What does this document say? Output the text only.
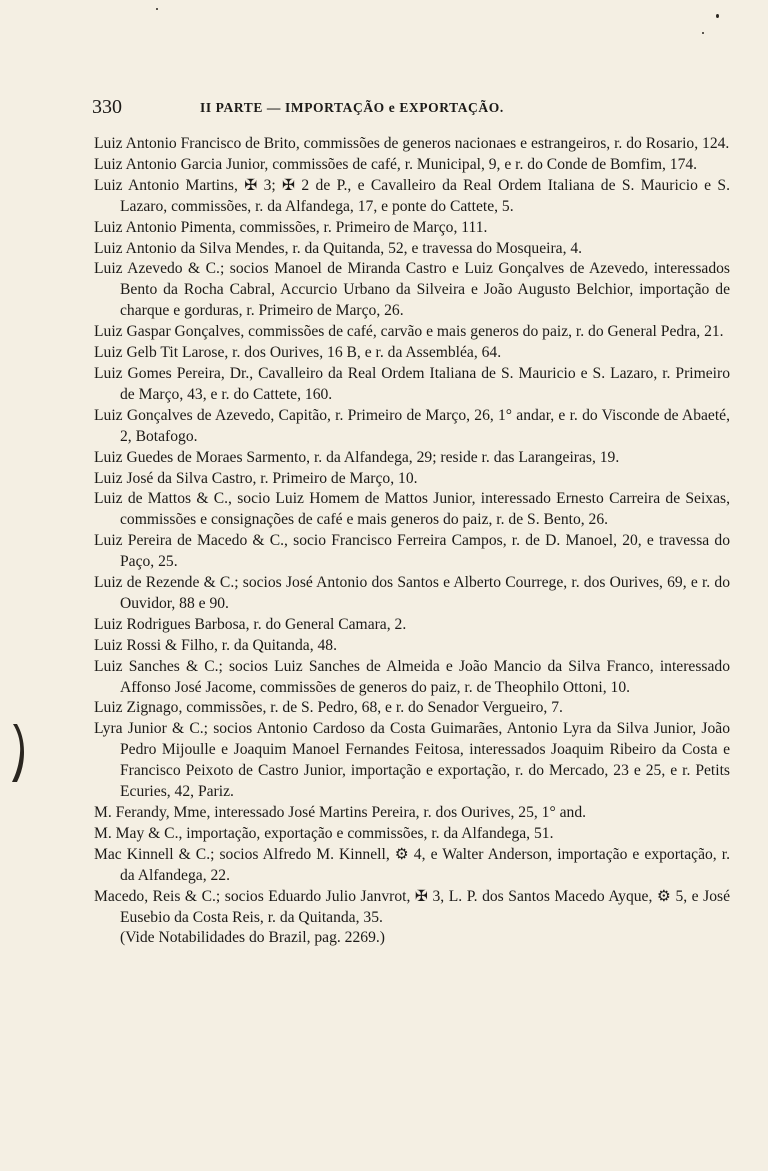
330	II PARTE — IMPORTAÇÃO e EXPORTAÇÃO.

Luiz Antonio Francisco de Brito, commissões de generos nacionaes e estrangeiros, r. do Rosario, 124.

Luiz Antonio Garcia Junior, commissões de café, r. Municipal, 9, e r. do Conde de Bomfim, 174.

Luiz Antonio Martins, ✠ 3; ✠ 2 de P., e Cavalleiro da Real Ordem Italiana de S. Mauricio e S. Lazaro, commissões, r. da Alfandega, 17, e ponte do Cattete, 5.

Luiz Antonio Pimenta, commissões, r. Primeiro de Março, 111.

Luiz Antonio da Silva Mendes, r. da Quitanda, 52, e travessa do Mosqueira, 4.

Luiz Azevedo & C.; socios Manoel de Miranda Castro e Luiz Gonçalves de Azevedo, interessados Bento da Rocha Cabral, Accurcio Urbano da Silveira e João Augusto Belchior, importação de charque e gorduras, r. Primeiro de Março, 26.

Luiz Gaspar Gonçalves, commissões de café, carvão e mais generos do paiz, r. do General Pedra, 21.

Luiz Gelb Tit Larose, r. dos Ourives, 16 B, e r. da Assembléa, 64.

Luiz Gomes Pereira, Dr., Cavalleiro da Real Ordem Italiana de S. Mauricio e S. Lazaro, r. Primeiro de Março, 43, e r. do Cattete, 160.

Luiz Gonçalves de Azevedo, Capitão, r. Primeiro de Março, 26, 1° andar, e r. do Visconde de Abaeté, 2, Botafogo.

Luiz Guedes de Moraes Sarmento, r. da Alfandega, 29; reside r. das Larangeiras, 19.

Luiz José da Silva Castro, r. Primeiro de Março, 10.

Luiz de Mattos & C., socio Luiz Homem de Mattos Junior, interessado Ernesto Carreira de Seixas, commissões e consignações de café e mais generos do paiz, r. de S. Bento, 26.

Luiz Pereira de Macedo & C., socio Francisco Ferreira Campos, r. de D. Manoel, 20, e travessa do Paço, 25.

Luiz de Rezende & C.; socios José Antonio dos Santos e Alberto Courrege, r. dos Ourives, 69, e r. do Ouvidor, 88 e 90.

Luiz Rodrigues Barbosa, r. do General Camara, 2.

Luiz Rossi & Filho, r. da Quitanda, 48.

Luiz Sanches & C.; socios Luiz Sanches de Almeida e João Mancio da Silva Franco, interessado Affonso José Jacome, commissões de generos do paiz, r. de Theophilo Ottoni, 10.

Luiz Zignago, commissões, r. de S. Pedro, 68, e r. do Senador Vergueiro, 7.

Lyra Junior & C.; socios Antonio Cardoso da Costa Guimarães, Antonio Lyra da Silva Junior, João Pedro Mijoulle e Joaquim Manoel Fernandes Feitosa, interessados Joaquim Ribeiro da Costa e Francisco Peixoto de Castro Junior, importação e exportação, r. do Mercado, 23 e 25, e r. Petits Ecuries, 42, Pariz.

M. Ferandy, Mme, interessado José Martins Pereira, r. dos Ourives, 25, 1° and.

M. May & C., importação, exportação e commissões, r. da Alfandega, 51.

Mac Kinnell & C.; socios Alfredo M. Kinnell, ⚙ 4, e Walter Anderson, importação e exportação, r. da Alfandega, 22.

Macedo, Reis & C.; socios Eduardo Julio Janvrot, ✠ 3, L. P. dos Santos Macedo Ayque, ⚙ 5, e José Eusebio da Costa Reis, r. da Quitanda, 35.

(Vide Notabilidades do Brazil, pag. 2269.)
